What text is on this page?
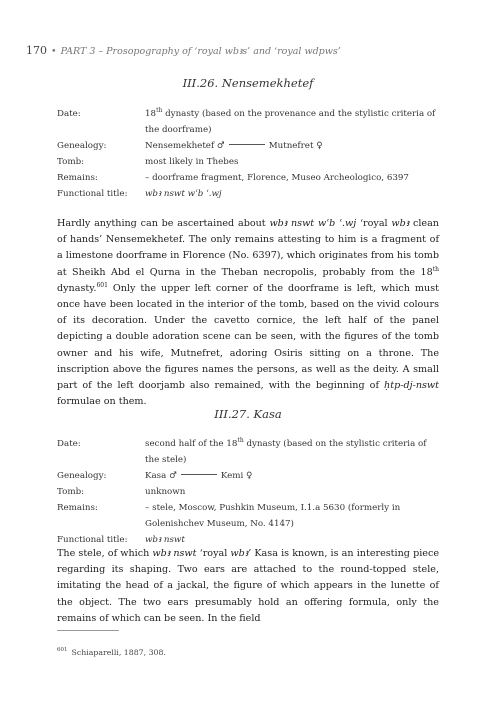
170 • PART 3 – Prosopography of ‘royal wbꜣs’ and ‘royal wdpws’
III.26. Nensemekhetef
Date:	18th dynasty (based on the provenance and the stylistic criteria of the doorframe)
Genealogy:	Nensemekhetef ♂	Mutnefret ♀
Tomb:	most likely in Thebes
Remains:	– doorframe fragment, Florence, Museo Archeologico, 6397
Functional title:	wbꜣ nswt wʿb ʿ.wj
Hardly anything can be ascertained about wbꜣ nswt wʿb ʿ.wj ‘royal wbꜣ clean of hands’ Nensemekhetef. The only remains attesting to him is a fragment of a limestone doorframe in Florence (No. 6397), which originates from his tomb at Sheikh Abd el Qurna in the Theban necropolis, probably from the 18th dynasty.$^{601}$ Only the upper left corner of the doorframe is left, which must once have been located in the interior of the tomb, based on the vivid colours of its decoration. Under the cavetto cornice, the left half of the panel depicting a double adoration scene can be seen, with the figures of the tomb owner and his wife, Mutnefret, adoring Osiris sitting on a throne. The inscription above the figures names the persons, as well as the deity. A small part of the left doorjamb also remained, with the beginning of ḥtp-dj-nswt formulae on them.
III.27. Kasa
Date:	second half of the 18th dynasty (based on the stylistic criteria of the stele)
Genealogy:	Kasa ♂	Kemi ♀
Tomb:	unknown
Remains:	– stele, Moscow, Pushkin Museum, I.1.a 5630 (formerly in Golenishchev Museum, No. 4147)
Functional title:	wbꜣ nswt
The stele, of which wbꜣ nswt ‘royal wbꜣ’ Kasa is known, is an interesting piece regarding its shaping. Two ears are attached to the round-topped stele, imitating the head of a jackal, the figure of which appears in the lunette of the object. The two ears presumably hold an offering formula, only the remains of which can be seen. In the field
$^{601}$ Schiaparelli, 1887, 308.
